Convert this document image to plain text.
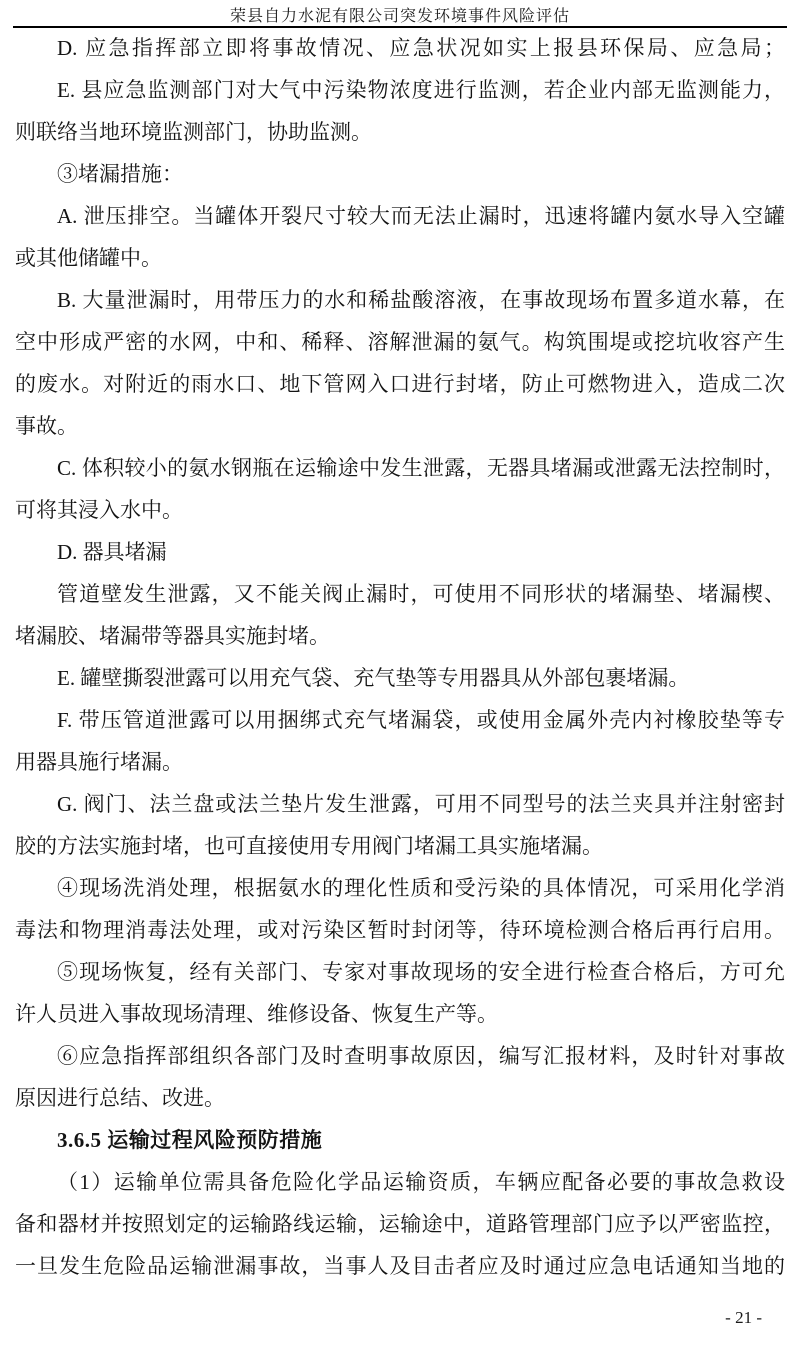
荣县自力水泥有限公司突发环境事件风险评估
D. 应急指挥部立即将事故情况、应急状况如实上报县环保局、应急局；
E. 县应急监测部门对大气中污染物浓度进行监测，若企业内部无监测能力，
则联络当地环境监测部门，协助监测。
③堵漏措施：
A. 泄压排空。当罐体开裂尺寸较大而无法止漏时，迅速将罐内氨水导入空罐
或其他储罐中。
B. 大量泄漏时，用带压力的水和稀盐酸溶液，在事故现场布置多道水幕，在
空中形成严密的水网，中和、稀释、溶解泄漏的氨气。构筑围堤或挖坑收容产生
的废水。对附近的雨水口、地下管网入口进行封堵，防止可燃物进入，造成二次
事故。
C. 体积较小的氨水钢瓶在运输途中发生泄露，无器具堵漏或泄露无法控制时，
可将其浸入水中。
D. 器具堵漏
管道壁发生泄露，又不能关阀止漏时，可使用不同形状的堵漏垫、堵漏楔、
堵漏胶、堵漏带等器具实施封堵。
E. 罐壁撕裂泄露可以用充气袋、充气垫等专用器具从外部包裹堵漏。
F. 带压管道泄露可以用捆绑式充气堵漏袋，或使用金属外壳内衬橡胶垫等专
用器具施行堵漏。
G. 阀门、法兰盘或法兰垫片发生泄露，可用不同型号的法兰夹具并注射密封
胶的方法实施封堵，也可直接使用专用阀门堵漏工具实施堵漏。
④现场洗消处理，根据氨水的理化性质和受污染的具体情况，可采用化学消
毒法和物理消毒法处理，或对污染区暂时封闭等，待环境检测合格后再行启用。
⑤现场恢复，经有关部门、专家对事故现场的安全进行检查合格后，方可允
许人员进入事故现场清理、维修设备、恢复生产等。
⑥应急指挥部组织各部门及时查明事故原因，编写汇报材料，及时针对事故
原因进行总结、改进。
3.6.5 运输过程风险预防措施
（1）运输单位需具备危险化学品运输资质，车辆应配备必要的事故急救设
备和器材并按照划定的运输路线运输，运输途中，道路管理部门应予以严密监控，
一旦发生危险品运输泄漏事故，当事人及目击者应及时通过应急电话通知当地的
- 21 -
